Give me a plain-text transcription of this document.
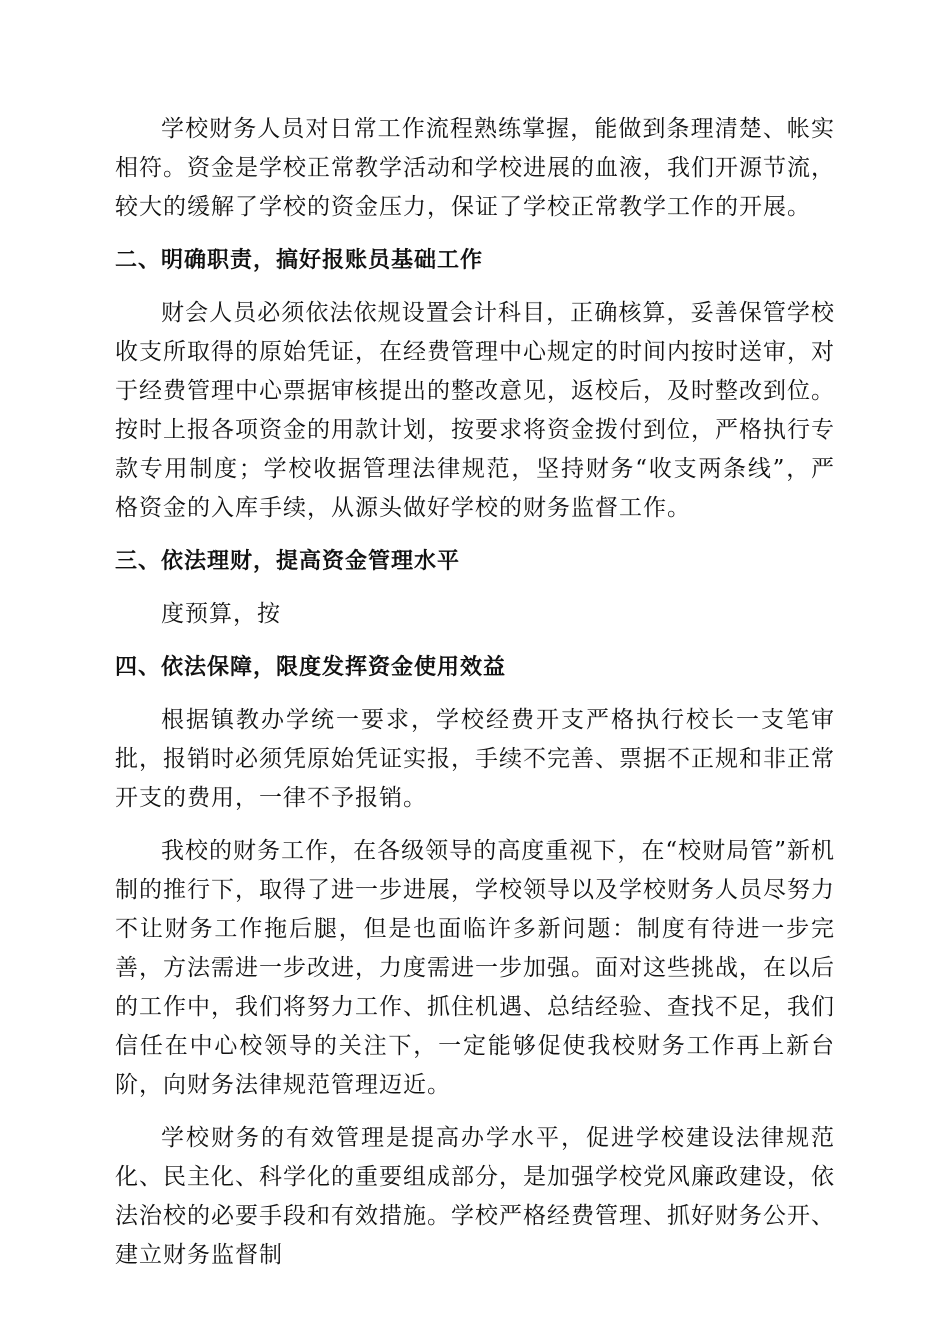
学校财务人员对日常工作流程熟练掌握，能做到条理清楚、帐实相符。资金是学校正常教学活动和学校进展的血液，我们开源节流，较大的缓解了学校的资金压力，保证了学校正常教学工作的开展。

二、明确职责，搞好报账员基础工作

财会人员必须依法依规设置会计科目，正确核算，妥善保管学校收支所取得的原始凭证，在经费管理中心规定的时间内按时送审，对于经费管理中心票据审核提出的整改意见，返校后，及时整改到位。按时上报各项资金的用款计划，按要求将资金拨付到位，严格执行专款专用制度；学校收据管理法律规范，坚持财务“收支两条线”，严格资金的入库手续，从源头做好学校的财务监督工作。

三、依法理财，提高资金管理水平

度预算，按

四、依法保障，限度发挥资金使用效益

根据镇教办学统一要求，学校经费开支严格执行校长一支笔审批，报销时必须凭原始凭证实报，手续不完善、票据不正规和非正常开支的费用，一律不予报销。

我校的财务工作，在各级领导的高度重视下，在“校财局管”新机制的推行下，取得了进一步进展，学校领导以及学校财务人员尽努力不让财务工作拖后腿，但是也面临许多新问题：制度有待进一步完善，方法需进一步改进，力度需进一步加强。面对这些挑战，在以后的工作中，我们将努力工作、抓住机遇、总结经验、查找不足，我们信任在中心校领导的关注下，一定能够促使我校财务工作再上新台阶，向财务法律规范管理迈近。

学校财务的有效管理是提高办学水平，促进学校建设法律规范化、民主化、科学化的重要组成部分，是加强学校党风廉政建设，依法治校的必要手段和有效措施。学校严格经费管理、抓好财务公开、建立财务监督制
